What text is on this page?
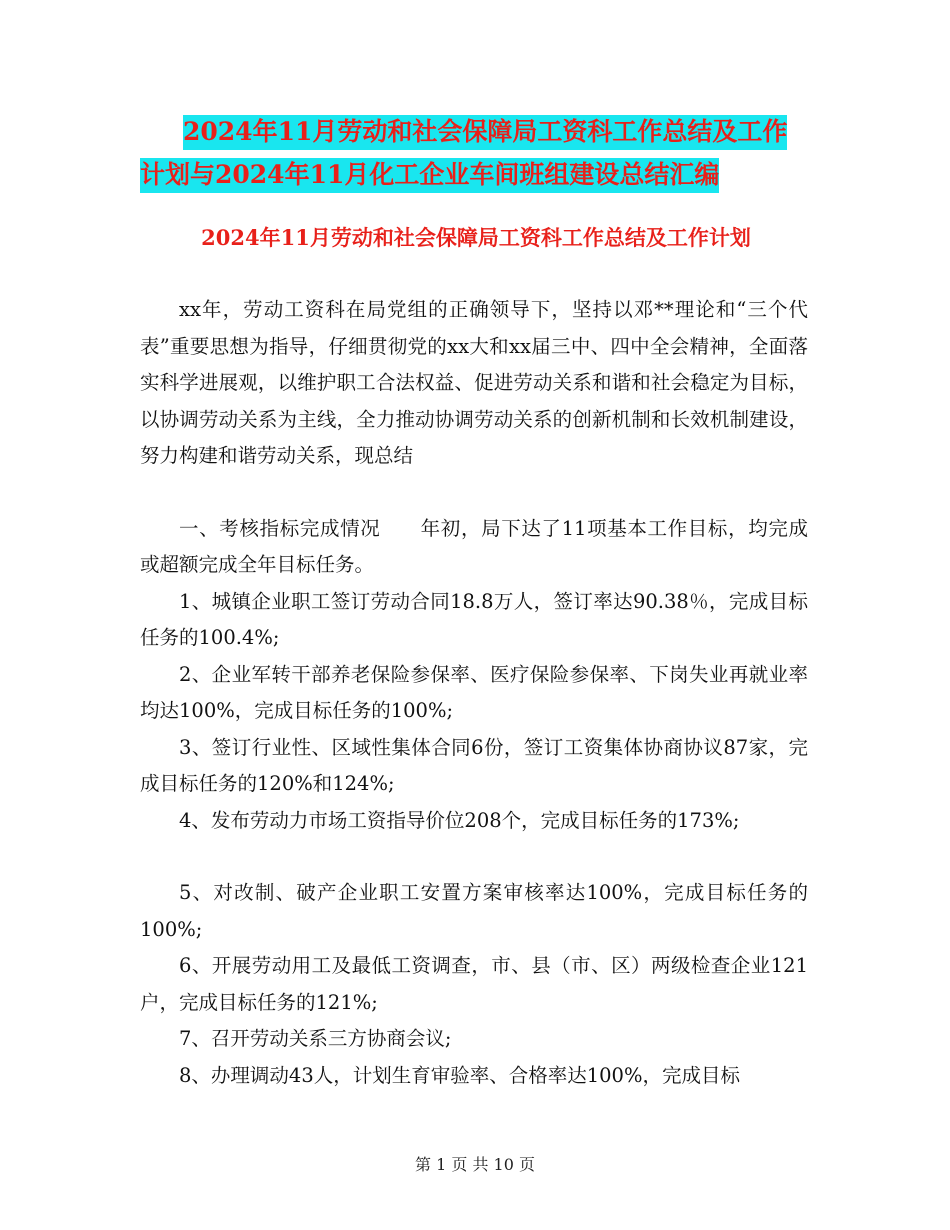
2024年11月劳动和社会保障局工资科工作总结及工作
计划与2024年11月化工企业车间班组建设总结汇编
2024年11月劳动和社会保障局工资科工作总结及工作计划

xx年，劳动工资科在局党组的正确领导下，坚持以邓**理论和“三个代表”重要思想为指导，仔细贯彻党的xx大和xx届三中、四中全会精神，全面落实科学进展观，以维护职工合法权益、促进劳动关系和谐和社会稳定为目标，以协调劳动关系为主线，全力推动协调劳动关系的创新机制和长效机制建设，努力构建和谐劳动关系，现总结

一、考核指标完成情况　　年初，局下达了11项基本工作目标，均完成或超额完成全年目标任务。

1、城镇企业职工签订劳动合同18.8万人，签订率达90.38％，完成目标任务的100.4%;

2、企业军转干部养老保险参保率、医疗保险参保率、下岗失业再就业率均达100%，完成目标任务的100%;

3、签订行业性、区域性集体合同6份，签订工资集体协商协议87家，完成目标任务的120%和124%;

4、发布劳动力市场工资指导价位208个，完成目标任务的173%;

5、对改制、破产企业职工安置方案审核率达100%，完成目标任务的100%;

6、开展劳动用工及最低工资调查，市、县（市、区）两级检查企业121户，完成目标任务的121%;

7、召开劳动关系三方协商会议;

8、办理调动43人，计划生育审验率、合格率达100%，完成目标

第 1 页 共 10 页
